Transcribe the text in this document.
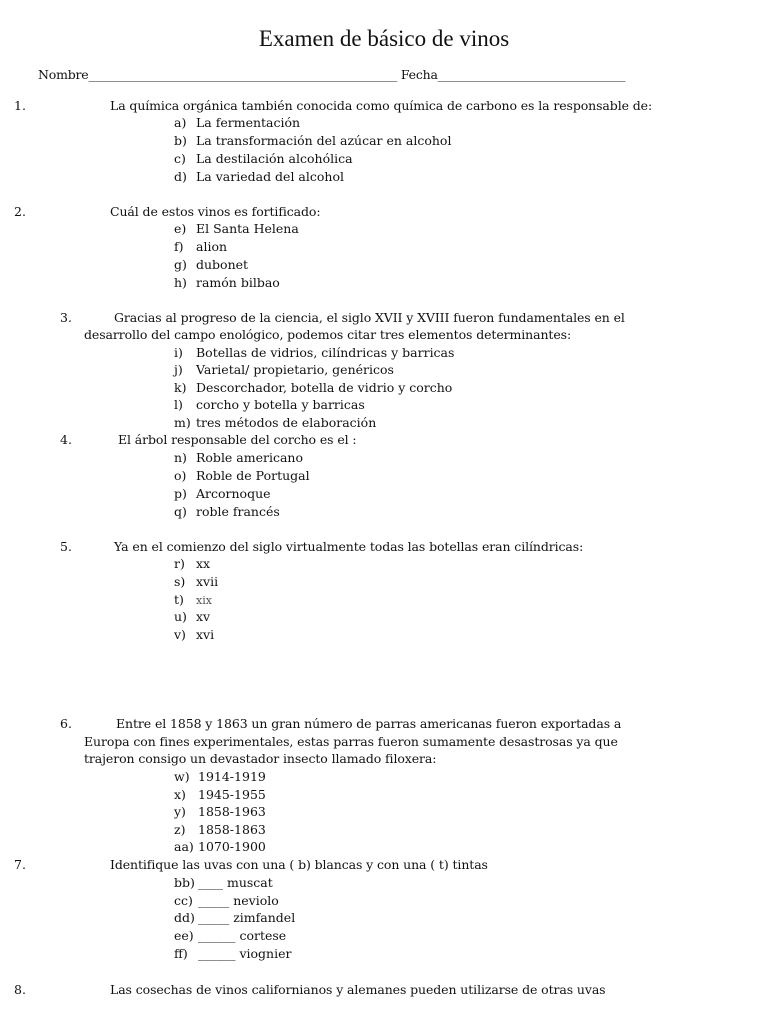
Examen de básico de vinos
Nombre___________________________________________________ Fecha_______________________________
1.	La química orgánica también conocida como química de carbono es la responsable de:
a) La fermentación
b) La transformación del azúcar en alcohol
c) La destilación alcohólica
d) La variedad del alcohol
2.	Cuál de estos vinos es fortificado:
e) El Santa Helena
f) alion
g) dubonet
h) ramón bilbao
3.	Gracias al progreso de la ciencia, el siglo XVII y XVIII fueron fundamentales en el
desarrollo del campo enológico, podemos citar tres elementos determinantes:
i) Botellas de vidrios, cilíndricas y barricas
j) Varietal/ propietario, genéricos
k) Descorchador, botella de vidrio y corcho
l) corcho y botella y barricas
m) tres métodos de elaboración
4.	El árbol responsable del corcho es el :
n) Roble americano
o) Roble de Portugal
p) Arcornoque
q) roble francés
5.	Ya en el comienzo del siglo virtualmente todas las botellas eran cilíndricas:
r) xx
s) xvii
t) xix
u) xv
v) xvi
6.	Entre el 1858 y 1863 un gran número de parras americanas fueron exportadas a
Europa con fines experimentales, estas parras fueron sumamente desastrosas ya que
trajeron consigo un devastador insecto llamado filoxera:
w) 1914-1919
x) 1945-1955
y) 1858-1963
z) 1858-1863
aa) 1070-1900
7.	Identifique las uvas con una ( b) blancas y con una ( t) tintas
bb) ____ muscat
cc) _____ neviolo
dd) _____ zimfandel
ee) ______ cortese
ff) ______ viognier
8.	Las cosechas de vinos californianos y alemanes pueden utilizarse de otras uvas
